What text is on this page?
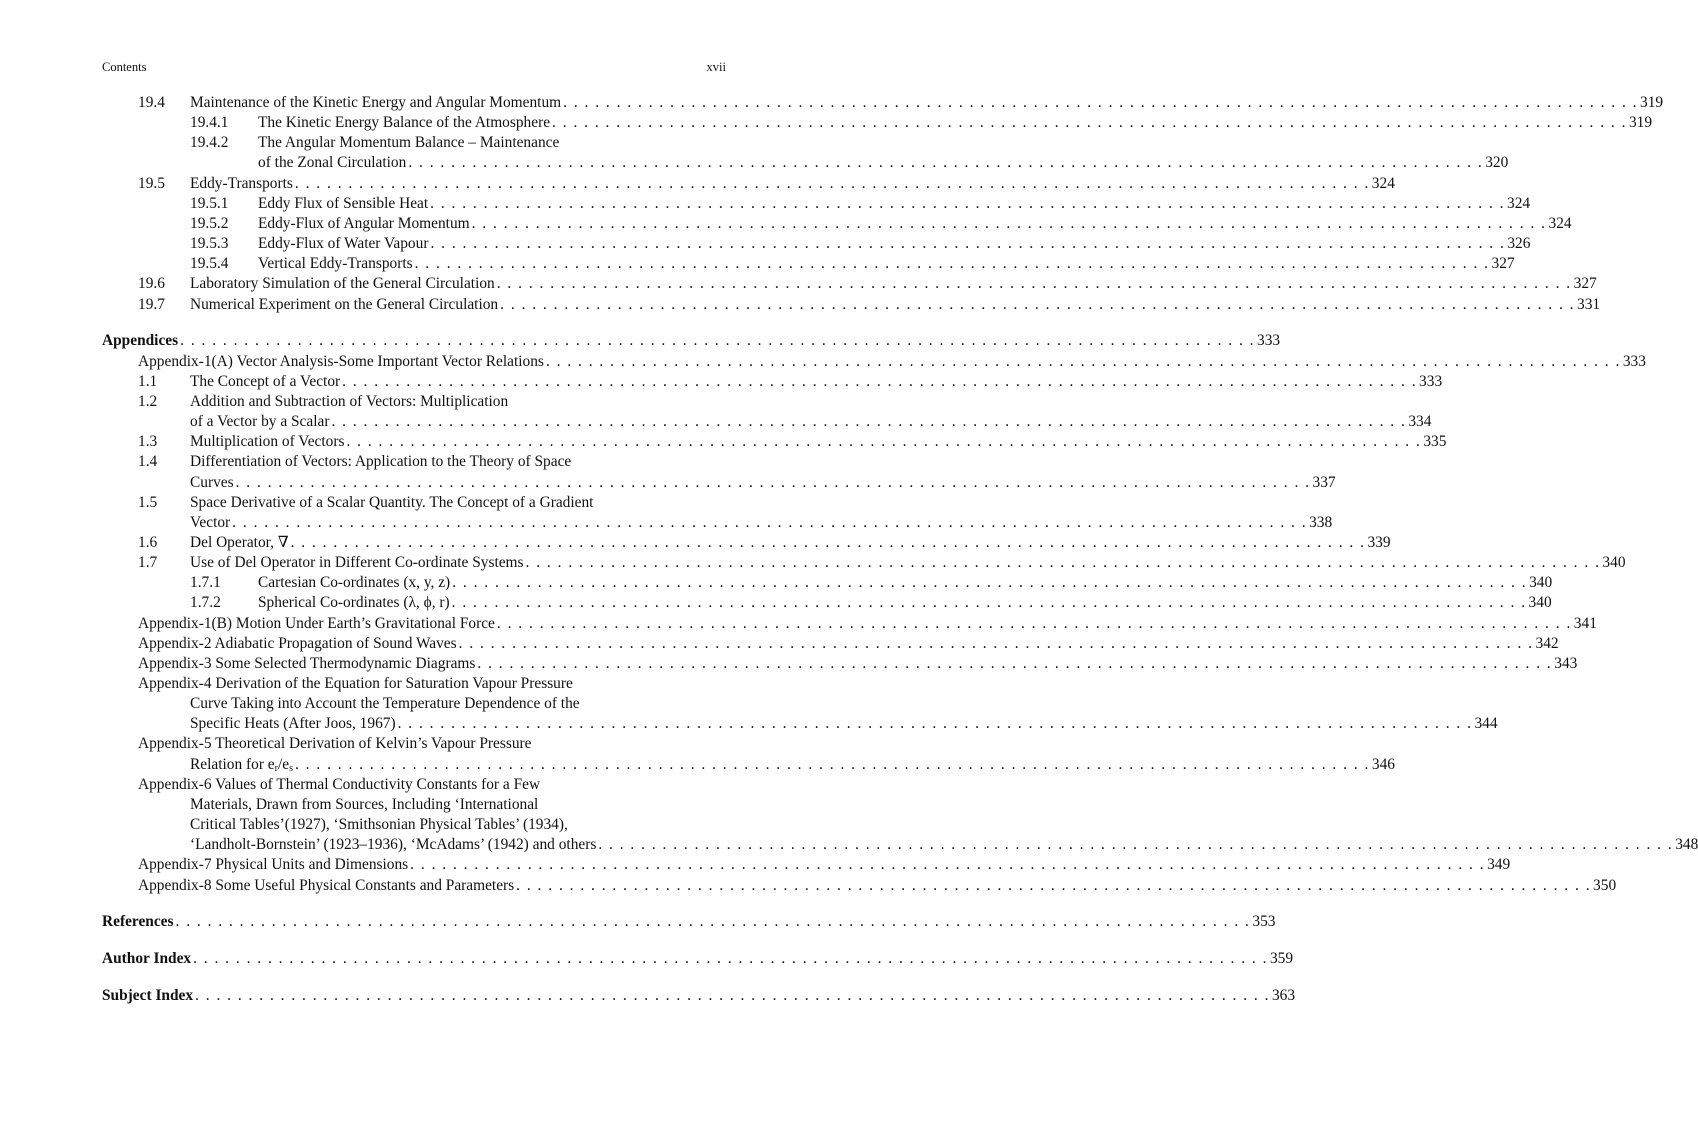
Contents	xvii
19.4 Maintenance of the Kinetic Energy and Angular Momentum . . . . . . . . . . . . . . . . . . . . . . . . . . . . . . . . . . . . . . . . . . . . . . . . . . . . . . . . . . . . . . . . . . . . . . . . . . . . . . . . . . . . . . . . . . . . . . . . . . . . . 319
19.4.1 The Kinetic Energy Balance of the Atmosphere . . . . . . . . . . . . . . . . . . . . . . . . . . . . . . . . . . . . . . . . . . . . . . . . . . . . . . . . . . . . . . . . . . . . . . . . . . . . . . . . . . . . . . . . . . . . . . . . . . . . . 319
19.4.2 The Angular Momentum Balance – Maintenance
of the Zonal Circulation . . . . . . . . . . . . . . . . . . . . . . . . . . . . . . . . . . . . . . . . . . . . . . . . . . . . . . . . . . . . . . . . . . . . . . . . . . . . . . . . . . . . . . . . . . . . . . . . . . . . . 320
19.5 Eddy-Transports . . . . . . . . . . . . . . . . . . . . . . . . . . . . . . . . . . . . . . . . . . . . . . . . . . . . . . . . . . . . . . . . . . . . . . . . . . . . . . . . . . . . . . . . . . . . . . . . . . . . . 324
19.5.1 Eddy Flux of Sensible Heat . . . . . . . . . . . . . . . . . . . . . . . . . . . . . . . . . . . . . . . . . . . . . . . . . . . . . . . . . . . . . . . . . . . . . . . . . . . . . . . . . . . . . . . . . . . . . . . . . . . . . 324
19.5.2 Eddy-Flux of Angular Momentum . . . . . . . . . . . . . . . . . . . . . . . . . . . . . . . . . . . . . . . . . . . . . . . . . . . . . . . . . . . . . . . . . . . . . . . . . . . . . . . . . . . . . . . . . . . . . . . . . . . . . 324
19.5.3 Eddy-Flux of Water Vapour . . . . . . . . . . . . . . . . . . . . . . . . . . . . . . . . . . . . . . . . . . . . . . . . . . . . . . . . . . . . . . . . . . . . . . . . . . . . . . . . . . . . . . . . . . . . . . . . . . . . . 326
19.5.4 Vertical Eddy-Transports . . . . . . . . . . . . . . . . . . . . . . . . . . . . . . . . . . . . . . . . . . . . . . . . . . . . . . . . . . . . . . . . . . . . . . . . . . . . . . . . . . . . . . . . . . . . . . . . . . . . . 327
19.6 Laboratory Simulation of the General Circulation . . . . . . . . . . . . . . . . . . . . . . . . . . . . . . . . . . . . . . . . . . . . . . . . . . . . . . . . . . . . . . . . . . . . . . . . . . . . . . . . . . . . . . . . . . . . . . . . . . . . . 327
19.7 Numerical Experiment on the General Circulation . . . . . . . . . . . . . . . . . . . . . . . . . . . . . . . . . . . . . . . . . . . . . . . . . . . . . . . . . . . . . . . . . . . . . . . . . . . . . . . . . . . . . . . . . . . . . . . . . . . . . 331
Appendices . . . . . . . . . . . . . . . . . . . . . . . . . . . . . . . . . . . . . . . . . . . . . . . . . . . . . . . . . . . . . . . . . . . . . . . . . . . . . . . . . . . . . . . . . . . . . . . . . . . . . 333
Appendix-1(A) Vector Analysis-Some Important Vector Relations . . . . . . . . . . . . . . . . . . . . . . . . . . . . . . . . . . . . . . . . . . . . . . . . . . . . . . . . . . . . . . . . . . . . . . . . . . . . . . . . . . . . . . . . . . . . . . . . . . . . . 333
1.1 The Concept of a Vector . . . . . . . . . . . . . . . . . . . . . . . . . . . . . . . . . . . . . . . . . . . . . . . . . . . . . . . . . . . . . . . . . . . . . . . . . . . . . . . . . . . . . . . . . . . . . . . . . . . . . 333
1.2 Addition and Subtraction of Vectors: Multiplication
of a Vector by a Scalar . . . . . . . . . . . . . . . . . . . . . . . . . . . . . . . . . . . . . . . . . . . . . . . . . . . . . . . . . . . . . . . . . . . . . . . . . . . . . . . . . . . . . . . . . . . . . . . . . . . . . 334
1.3 Multiplication of Vectors . . . . . . . . . . . . . . . . . . . . . . . . . . . . . . . . . . . . . . . . . . . . . . . . . . . . . . . . . . . . . . . . . . . . . . . . . . . . . . . . . . . . . . . . . . . . . . . . . . . . . 335
1.4 Differentiation of Vectors: Application to the Theory of Space
Curves . . . . . . . . . . . . . . . . . . . . . . . . . . . . . . . . . . . . . . . . . . . . . . . . . . . . . . . . . . . . . . . . . . . . . . . . . . . . . . . . . . . . . . . . . . . . . . . . . . . . . 337
1.5 Space Derivative of a Scalar Quantity. The Concept of a Gradient
Vector . . . . . . . . . . . . . . . . . . . . . . . . . . . . . . . . . . . . . . . . . . . . . . . . . . . . . . . . . . . . . . . . . . . . . . . . . . . . . . . . . . . . . . . . . . . . . . . . . . . . . 338
1.6 Del Operator, ∇ . . . . . . . . . . . . . . . . . . . . . . . . . . . . . . . . . . . . . . . . . . . . . . . . . . . . . . . . . . . . . . . . . . . . . . . . . . . . . . . . . . . . . . . . . . . . . . . . . . . . . 339
1.7 Use of Del Operator in Different Co-ordinate Systems . . . . . . . . . . . . . . . . . . . . . . . . . . . . . . . . . . . . . . . . . . . . . . . . . . . . . . . . . . . . . . . . . . . . . . . . . . . . . . . . . . . . . . . . . . . . . . . . . . . . . 340
1.7.1 Cartesian Co-ordinates (x, y, z) . . . . . . . . . . . . . . . . . . . . . . . . . . . . . . . . . . . . . . . . . . . . . . . . . . . . . . . . . . . . . . . . . . . . . . . . . . . . . . . . . . . . . . . . . . . . . . . . . . . . . 340
1.7.2 Spherical Co-ordinates (λ, ϕ, r) . . . . . . . . . . . . . . . . . . . . . . . . . . . . . . . . . . . . . . . . . . . . . . . . . . . . . . . . . . . . . . . . . . . . . . . . . . . . . . . . . . . . . . . . . . . . . . . . . . . . . 340
Appendix-1(B) Motion Under Earth’s Gravitational Force . . . . . . . . . . . . . . . . . . . . . . . . . . . . . . . . . . . . . . . . . . . . . . . . . . . . . . . . . . . . . . . . . . . . . . . . . . . . . . . . . . . . . . . . . . . . . . . . . . . . . 341
Appendix-2 Adiabatic Propagation of Sound Waves . . . . . . . . . . . . . . . . . . . . . . . . . . . . . . . . . . . . . . . . . . . . . . . . . . . . . . . . . . . . . . . . . . . . . . . . . . . . . . . . . . . . . . . . . . . . . . . . . . . . . 342
Appendix-3 Some Selected Thermodynamic Diagrams . . . . . . . . . . . . . . . . . . . . . . . . . . . . . . . . . . . . . . . . . . . . . . . . . . . . . . . . . . . . . . . . . . . . . . . . . . . . . . . . . . . . . . . . . . . . . . . . . . . . . 343
Appendix-4 Derivation of the Equation for Saturation Vapour Pressure
Curve Taking into Account the Temperature Dependence of the
Specific Heats (After Joos, 1967) . . . . . . . . . . . . . . . . . . . . . . . . . . . . . . . . . . . . . . . . . . . . . . . . . . . . . . . . . . . . . . . . . . . . . . . . . . . . . . . . . . . . . . . . . . . . . . . . . . . . . 344
Appendix-5 Theoretical Derivation of Kelvin’s Vapour Pressure
Relation for $e_r/e_s$ . . . . . . . . . . . . . . . . . . . . . . . . . . . . . . . . . . . . . . . . . . . . . . . . . . . . . . . . . . . . . . . . . . . . . . . . . . . . . . . . . . . . . . . . . . . . . . . . . . . . . 346
Appendix-6 Values of Thermal Conductivity Constants for a Few
Materials, Drawn from Sources, Including ‘International
Critical Tables’(1927), ‘Smithsonian Physical Tables’ (1934),
‘Landholt-Bornstein’ (1923–1936), ‘McAdams’ (1942) and others . . . . . . . . . . . . . . . . . . . . . . . . . . . . . . . . . . . . . . . . . . . . . . . . . . . . . . . . . . . . . . . . . . . . . . . . . . . . . . . . . . . . . . . . . . . . . . . . . . . . . 348
Appendix-7 Physical Units and Dimensions . . . . . . . . . . . . . . . . . . . . . . . . . . . . . . . . . . . . . . . . . . . . . . . . . . . . . . . . . . . . . . . . . . . . . . . . . . . . . . . . . . . . . . . . . . . . . . . . . . . . . 349
Appendix-8 Some Useful Physical Constants and Parameters . . . . . . . . . . . . . . . . . . . . . . . . . . . . . . . . . . . . . . . . . . . . . . . . . . . . . . . . . . . . . . . . . . . . . . . . . . . . . . . . . . . . . . . . . . . . . . . . . . . . . 350
References . . . . . . . . . . . . . . . . . . . . . . . . . . . . . . . . . . . . . . . . . . . . . . . . . . . . . . . . . . . . . . . . . . . . . . . . . . . . . . . . . . . . . . . . . . . . . . . . . . . . . 353
Author Index . . . . . . . . . . . . . . . . . . . . . . . . . . . . . . . . . . . . . . . . . . . . . . . . . . . . . . . . . . . . . . . . . . . . . . . . . . . . . . . . . . . . . . . . . . . . . . . . . . . . . 359
Subject Index . . . . . . . . . . . . . . . . . . . . . . . . . . . . . . . . . . . . . . . . . . . . . . . . . . . . . . . . . . . . . . . . . . . . . . . . . . . . . . . . . . . . . . . . . . . . . . . . . . . . . 363
